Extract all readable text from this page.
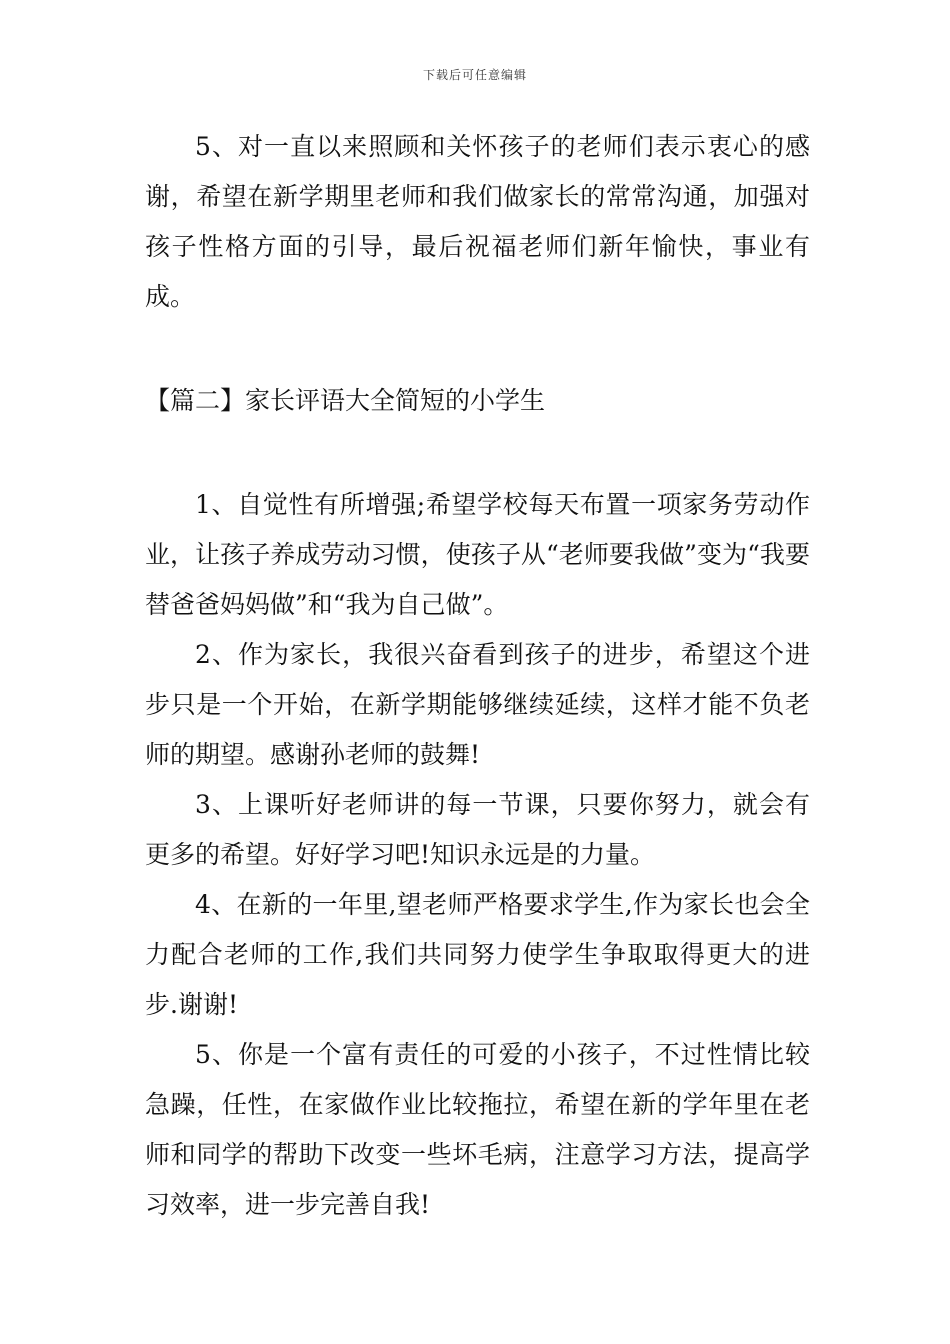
下载后可任意编辑

5、对一直以来照顾和关怀孩子的老师们表示衷心的感谢，希望在新学期里老师和我们做家长的常常沟通，加强对孩子性格方面的引导，最后祝福老师们新年愉快，事业有成。

【篇二】家长评语大全简短的小学生

1、自觉性有所增强;希望学校每天布置一项家务劳动作业，让孩子养成劳动习惯，使孩子从“老师要我做”变为“我要替爸爸妈妈做”和“我为自己做”。

2、作为家长，我很兴奋看到孩子的进步，希望这个进步只是一个开始，在新学期能够继续延续，这样才能不负老师的期望。感谢孙老师的鼓舞!

3、上课听好老师讲的每一节课，只要你努力，就会有更多的希望。好好学习吧!知识永远是的力量。

4、在新的一年里,望老师严格要求学生,作为家长也会全力配合老师的工作,我们共同努力使学生争取取得更大的进步.谢谢!

5、你是一个富有责任的可爱的小孩子，不过性情比较急躁，任性，在家做作业比较拖拉，希望在新的学年里在老师和同学的帮助下改变一些坏毛病，注意学习方法，提高学习效率，进一步完善自我!
